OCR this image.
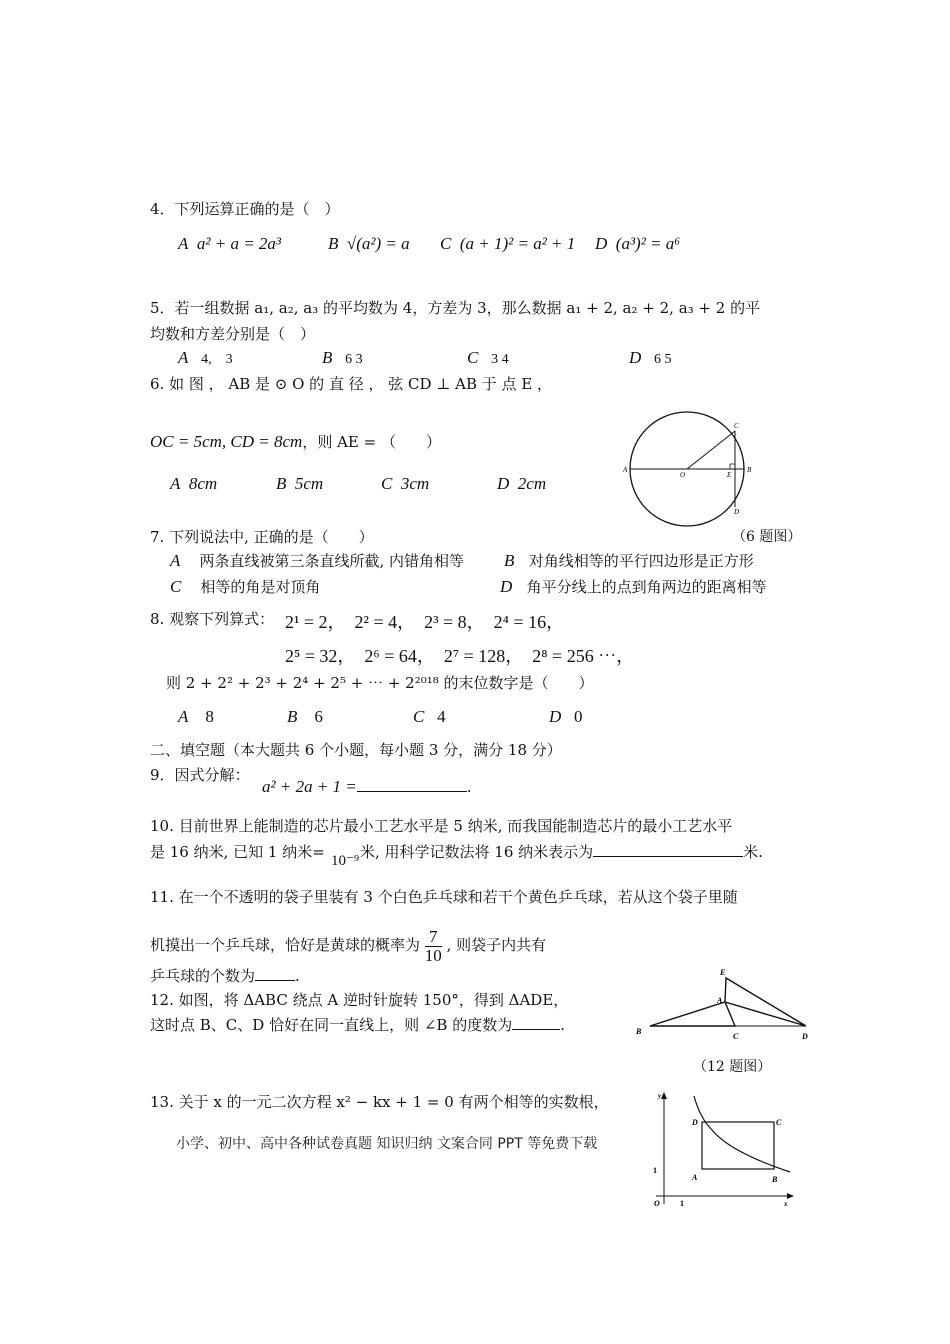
4．下列运算正确的是（　）
A a² + a = 2a³	B √(a²) = a C (a + 1)² = a² + 1 D (a³)² = a⁶
5．若一组数据 a₁, a₂, a₃ 的平均数为 4，方差为 3，那么数据 a₁ + 2, a₂ + 2, a₃ + 2 的平
均数和方差分别是（　）
A 4,　3	B 6 3	C 3 4	D 6 5
6. 如 图 ， AB 是 ⊙ O 的 直 径 ， 弦 CD ⊥ AB 于 点 E ，
OC = 5cm, CD = 8cm，则 AE = （　　）
A 8cm	B 5cm	C 3cm	D 2cm
A
O	E
B
C
D
（6 题图）
7. 下列说法中, 正确的是（　　）
A 两条直线被第三条直线所截, 内错角相等 B 对角线相等的平行四边形是正方形
C 相等的角是对顶角	D 角平分线上的点到角两边的距离相等
8. 观察下列算式： 2¹ = 2，　2² = 4，　2³ = 8，　2⁴ = 16，
2⁵ = 32，　2⁶ = 64，　2⁷ = 128，　2⁸ = 256 ⋯，
则 2 + 2² + 2³ + 2⁴ + 2⁵ + ⋯ + 2²⁰¹⁸ 的末位数字是（　　）
A 8	B 6	C 4	D 0
二、填空题（本大题共 6 个小题，每小题 3 分，满分 18 分）
9．因式分解：
a² + 2a + 1 =	.
10. 目前世界上能制造的芯片最小工艺水平是 5 纳米, 而我国能制造芯片的最小工艺水平
是 16 纳米, 已知 1 纳米= 10⁻⁹ 米, 用科学记数法将 16 纳米表示为	米.
11. 在一个不透明的袋子里装有 3 个白色乒乓球和若干个黄色乒乓球，若从这个袋子里随
机摸出一个乒乓球，恰好是黄球的概率为 $\frac{7}{10}$ , 则袋子内共有
乒乓球的个数为	.
12. 如图，将 ΔABC 绕点 A 逆时针旋转 150°，得到 ΔADE，
这时点 B、C、D 恰好在同一直线上，则 ∠B 的度数为	.
E
A
B
C	D
（12 题图）
13. 关于 x 的一元二次方程 x² − kx + 1 = 0 有两个相等的实数根，	y
D	C
1
A	B
O	1	x
小学、初中、高中各种试卷真题 知识归纳 文案合同 PPT 等免费下载
